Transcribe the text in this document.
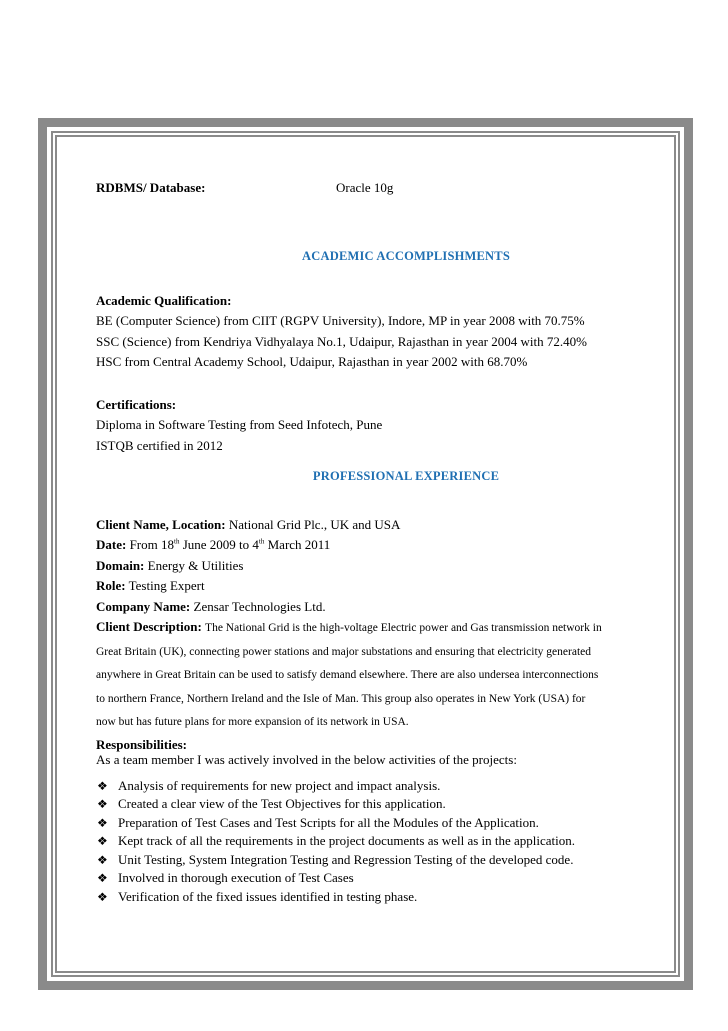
RDBMS/ Database:	Oracle 10g
ACADEMIC ACCOMPLISHMENTS
Academic Qualification:
BE (Computer Science) from CIIT (RGPV University), Indore, MP in year 2008 with 70.75%
SSC (Science) from Kendriya Vidhyalaya No.1, Udaipur, Rajasthan in year 2004 with 72.40%
HSC from Central Academy School, Udaipur, Rajasthan in year 2002 with 68.70%
Certifications:
Diploma in Software Testing from Seed Infotech, Pune
ISTQB certified in 2012
PROFESSIONAL EXPERIENCE
Client Name, Location: National Grid Plc., UK and USA
Date: From 18th June 2009 to 4th March 2011
Domain: Energy & Utilities
Role: Testing Expert
Company Name: Zensar Technologies Ltd.
Client Description: The National Grid is the high-voltage Electric power and Gas transmission network in
Great Britain (UK), connecting power stations and major substations and ensuring that electricity generated
anywhere in Great Britain can be used to satisfy demand elsewhere. There are also undersea interconnections
to northern France, Northern Ireland and the Isle of Man. This group also operates in New York (USA) for
now but has future plans for more expansion of its network in USA.
Responsibilities:
As a team member I was actively involved in the below activities of the projects:
❖ Analysis of requirements for new project and impact analysis.
❖ Created a clear view of the Test Objectives for this application.
❖ Preparation of Test Cases and Test Scripts for all the Modules of the Application.
❖ Kept track of all the requirements in the project documents as well as in the application.
❖ Unit Testing, System Integration Testing and Regression Testing of the developed code.
❖ Involved in thorough execution of Test Cases
❖ Verification of the fixed issues identified in testing phase.
